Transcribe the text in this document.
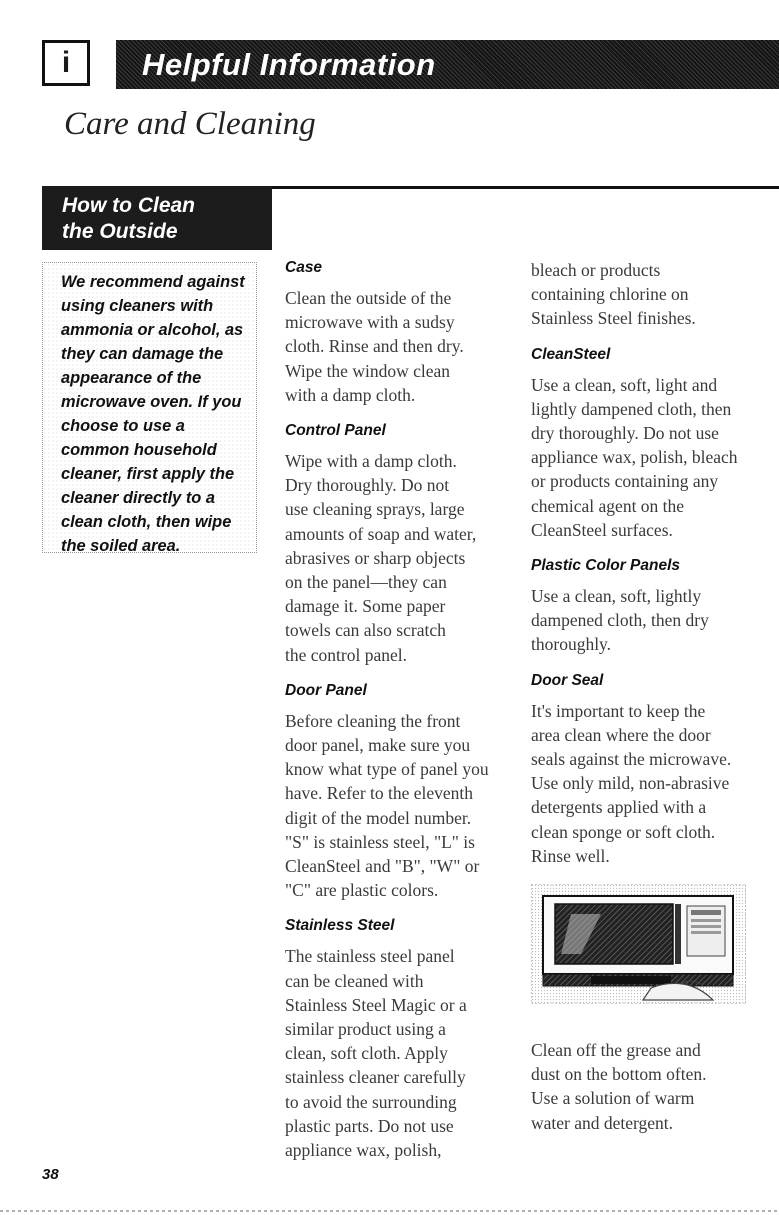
i Helpful Information
Care and Cleaning
How to Clean
the Outside
We recommend against using cleaners with ammonia or alcohol, as they can damage the appearance of the microwave oven. If you choose to use a common household cleaner, first apply the cleaner directly to a clean cloth, then wipe the soiled area.
Case

Clean the outside of the
microwave with a sudsy
cloth. Rinse and then dry.
Wipe the window clean
with a damp cloth.

Control Panel

Wipe with a damp cloth.
Dry thoroughly. Do not
use cleaning sprays, large
amounts of soap and water,
abrasives or sharp objects
on the panel—they can
damage it. Some paper
towels can also scratch
the control panel.

Door Panel

Before cleaning the front
door panel, make sure you
know what type of panel you
have. Refer to the eleventh
digit of the model number.
"S" is stainless steel, "L" is
CleanSteel and "B", "W" or
"C" are plastic colors.

Stainless Steel

The stainless steel panel
can be cleaned with
Stainless Steel Magic or a
similar product using a
clean, soft cloth. Apply
stainless cleaner carefully
to avoid the surrounding
plastic parts. Do not use
appliance wax, polish,

bleach or products
containing chlorine on
Stainless Steel finishes.

CleanSteel

Use a clean, soft, light and
lightly dampened cloth, then
dry thoroughly. Do not use
appliance wax, polish, bleach
or products containing any
chemical agent on the
CleanSteel surfaces.

Plastic Color Panels

Use a clean, soft, lightly
dampened cloth, then dry
thoroughly.

Door Seal

It's important to keep the
area clean where the door
seals against the microwave.
Use only mild, non-abrasive
detergents applied with a
clean sponge or soft cloth.
Rinse well.

Clean off the grease and
dust on the bottom often.
Use a solution of warm
water and detergent.

38
